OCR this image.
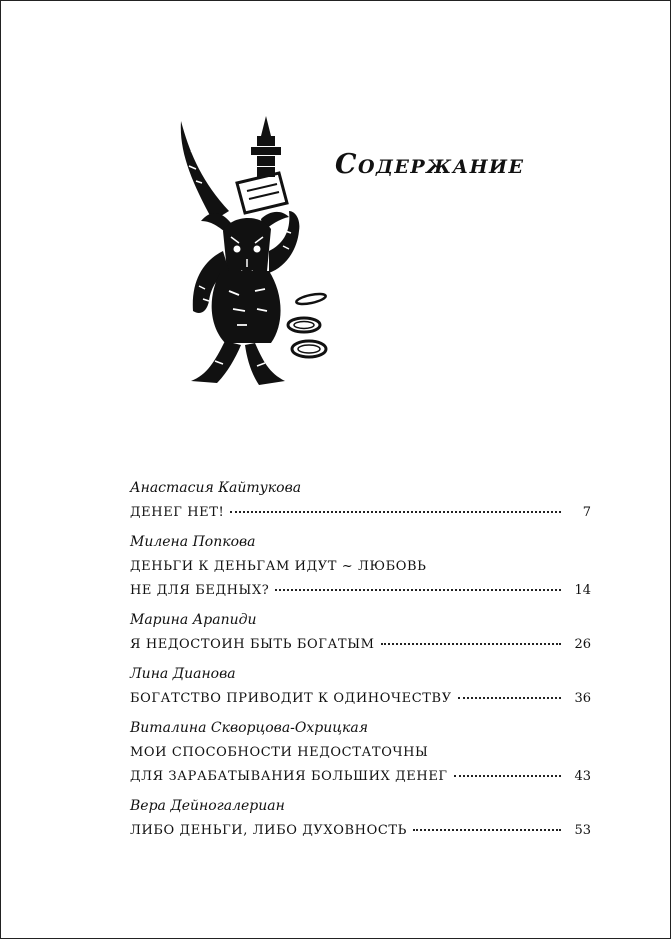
Содержание
Анастасия Кайтукова
ДЕНЕГ НЕТ!	7
Милена Попкова
ДЕНЬГИ К ДЕНЬГАМ ИДУТ ~ ЛЮБОВЬ
НЕ ДЛЯ БЕДНЫХ?	14
Марина Арапиди
Я НЕДОСТОИН БЫТЬ БОГАТЫМ	26
Лина Дианова
БОГАТСТВО ПРИВОДИТ К ОДИНОЧЕСТВУ	36
Виталина Скворцова-Охрицкая
МОИ СПОСОБНОСТИ НЕДОСТАТОЧНЫ
ДЛЯ ЗАРАБАТЫВАНИЯ БОЛЬШИХ ДЕНЕГ	43
Вера Дейногалериан
ЛИБО ДЕНЬГИ, ЛИБО ДУХОВНОСТЬ	53
